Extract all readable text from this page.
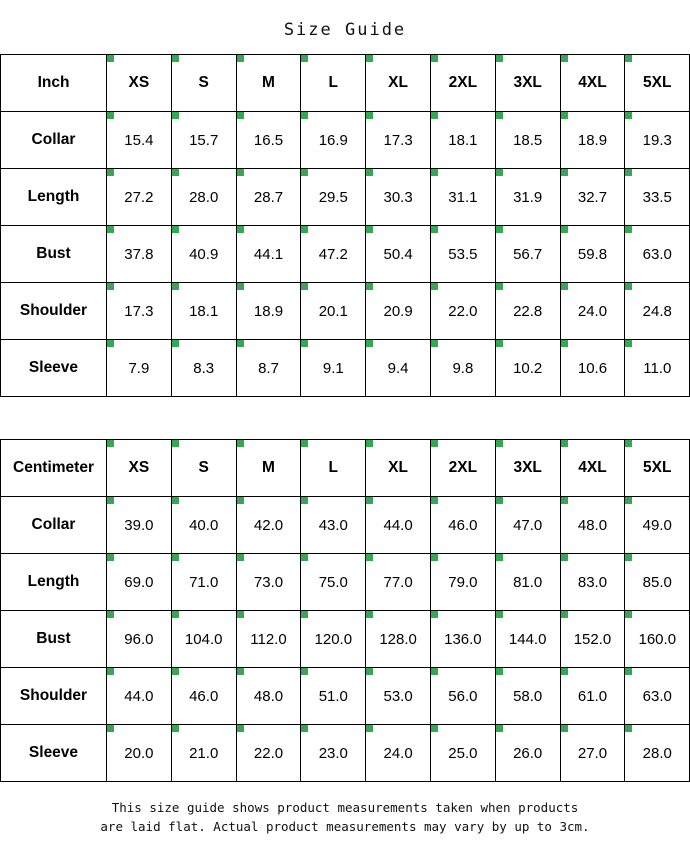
Size Guide
Inch	XS	S	M	L	XL	2XL	3XL	4XL	5XL

Collar	15.4	15.7	16.5	16.9	17.3	18.1	18.5	18.9	19.3

Length	27.2	28.0	28.7	29.5	30.3	31.1	31.9	32.7	33.5

Bust	37.8	40.9	44.1	47.2	50.4	53.5	56.7	59.8	63.0

Shoulder	17.3	18.1	18.9	20.1	20.9	22.0	22.8	24.0	24.8

Sleeve	7.9	8.3	8.7	9.1	9.4	9.8	10.2	10.6	11.0
Centimeter	XS	S	M	L	XL	2XL	3XL	4XL	5XL

Collar	39.0	40.0	42.0	43.0	44.0	46.0	47.0	48.0	49.0

Length	69.0	71.0	73.0	75.0	77.0	79.0	81.0	83.0	85.0

Bust	96.0	104.0	112.0	120.0	128.0	136.0	144.0	152.0	160.0

Shoulder	44.0	46.0	48.0	51.0	53.0	56.0	58.0	61.0	63.0

Sleeve	20.0	21.0	22.0	23.0	24.0	25.0	26.0	27.0	28.0
This size guide shows product measurements taken when products
are laid flat. Actual product measurements may vary by up to 3cm.
